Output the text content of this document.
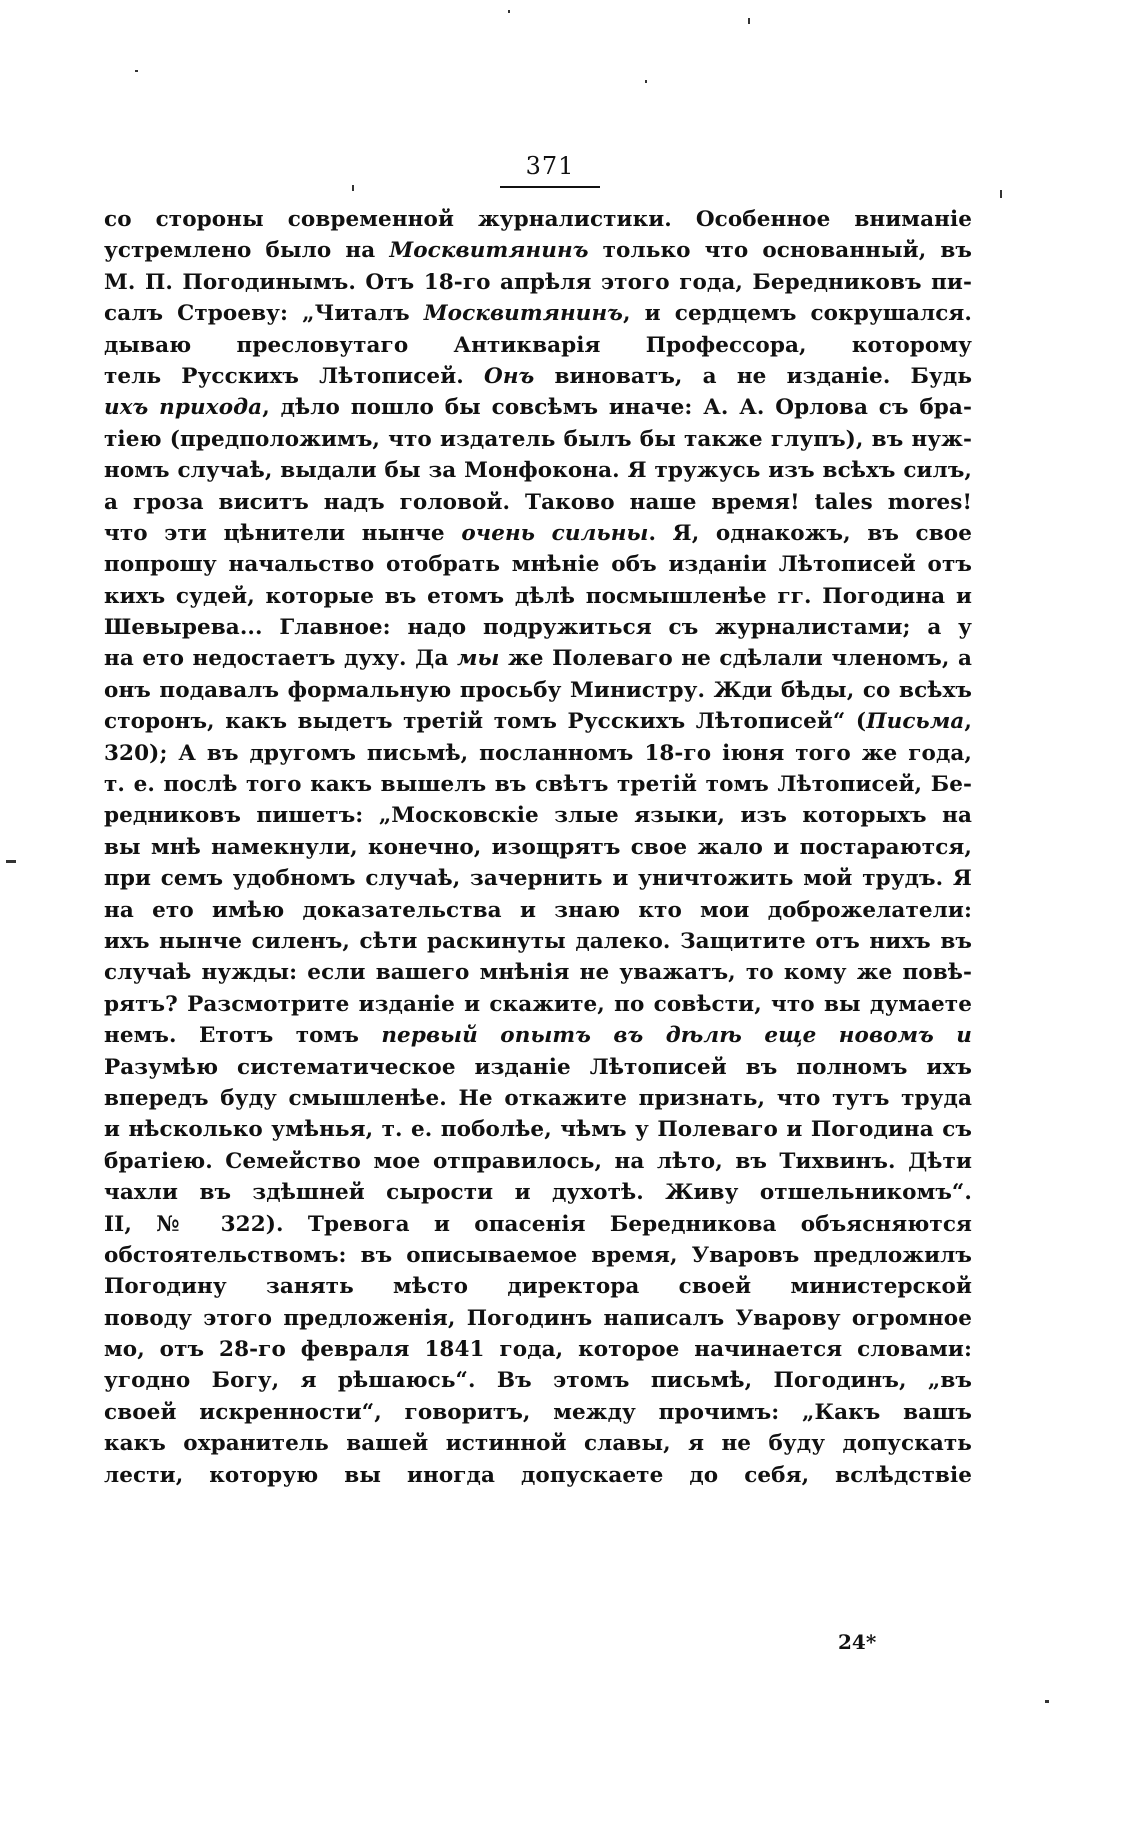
371
со стороны современной журналистики. Особенное вниманіе
устремлено было на Москвитянинъ только что основанный, въ
М. П. Погодинымъ. Отъ 18-го апрѣля этого года, Бередниковъ пи-
салъ Строеву: „Читалъ Москвитянинъ, и сердцемъ сокрушался.
дываю пресловутаго Антикварія Профессора, которому
тель Русскихъ Лѣтописей. Онъ виноватъ, а не изданіе. Будь
ихъ прихода, дѣло пошло бы совсѣмъ иначе: А. А. Орлова съ бра-
тіею (предположимъ, что издатель былъ бы также глупъ), въ нуж-
номъ случаѣ, выдали бы за Монфокона. Я тружусь изъ всѣхъ силъ,
а гроза виситъ надъ головой. Таково наше время! tales mores!
что эти цѣнители нынче очень сильны. Я, однакожъ, въ свое
попрошу начальство отобрать мнѣніе объ изданіи Лѣтописей отъ
кихъ судей, которые въ етомъ дѣлѣ посмышленѣе гг. Погодина и
Шевырева... Главное: надо подружиться съ журналистами; а у
на ето недостаетъ духу. Да мы же Полеваго не сдѣлали членомъ, а
онъ подавалъ формальную просьбу Министру. Жди бѣды, со всѣхъ
сторонъ, какъ выдетъ третій томъ Русскихъ Лѣтописей“ (Письма,
320); А въ другомъ письмѣ, посланномъ 18-го іюня того же года,
т. е. послѣ того какъ вышелъ въ свѣтъ третій томъ Лѣтописей, Бе-
редниковъ пишетъ: „Московскіе злые языки, изъ которыхъ на
вы мнѣ намекнули, конечно, изощрятъ свое жало и постараются,
при семъ удобномъ случаѣ, зачернить и уничтожить мой трудъ. Я
на ето имѣю доказательства и знаю кто мои доброжелатели:
ихъ нынче силенъ, сѣти раскинуты далеко. Защитите отъ нихъ въ
случаѣ нужды: если вашего мнѣнія не уважатъ, то кому же повѣ-
рятъ? Разсмотрите изданіе и скажите, по совѣсти, что вы думаете
немъ. Етотъ томъ первый опытъ въ дѣлѣ еще новомъ и
Разумѣю систематическое изданіе Лѣтописей въ полномъ ихъ
впередъ буду смышленѣе. Не откажите признать, что тутъ труда
и нѣсколько умѣнья, т. е. поболѣе, чѣмъ у Полеваго и Погодина съ
братіею. Семейство мое отправилось, на лѣто, въ Тихвинъ. Дѣти
чахли въ здѣшней сырости и духотѣ. Живу отшельникомъ“.
II, № 322). Тревога и опасенія Бередникова объясняются
обстоятельствомъ: въ описываемое время, Уваровъ предложилъ
Погодину занять мѣсто директора своей министерской
поводу этого предложенія, Погодинъ написалъ Уварову огромное
мо, отъ 28-го февраля 1841 года, которое начинается словами:
угодно Богу, я рѣшаюсь“. Въ этомъ письмѣ, Погодинъ, „въ
своей искренности“, говоритъ, между прочимъ: „Какъ вашъ
какъ охранитель вашей истинной славы, я не буду допускать
лести, которую вы иногда допускаете до себя, вслѣдствіе
24*
